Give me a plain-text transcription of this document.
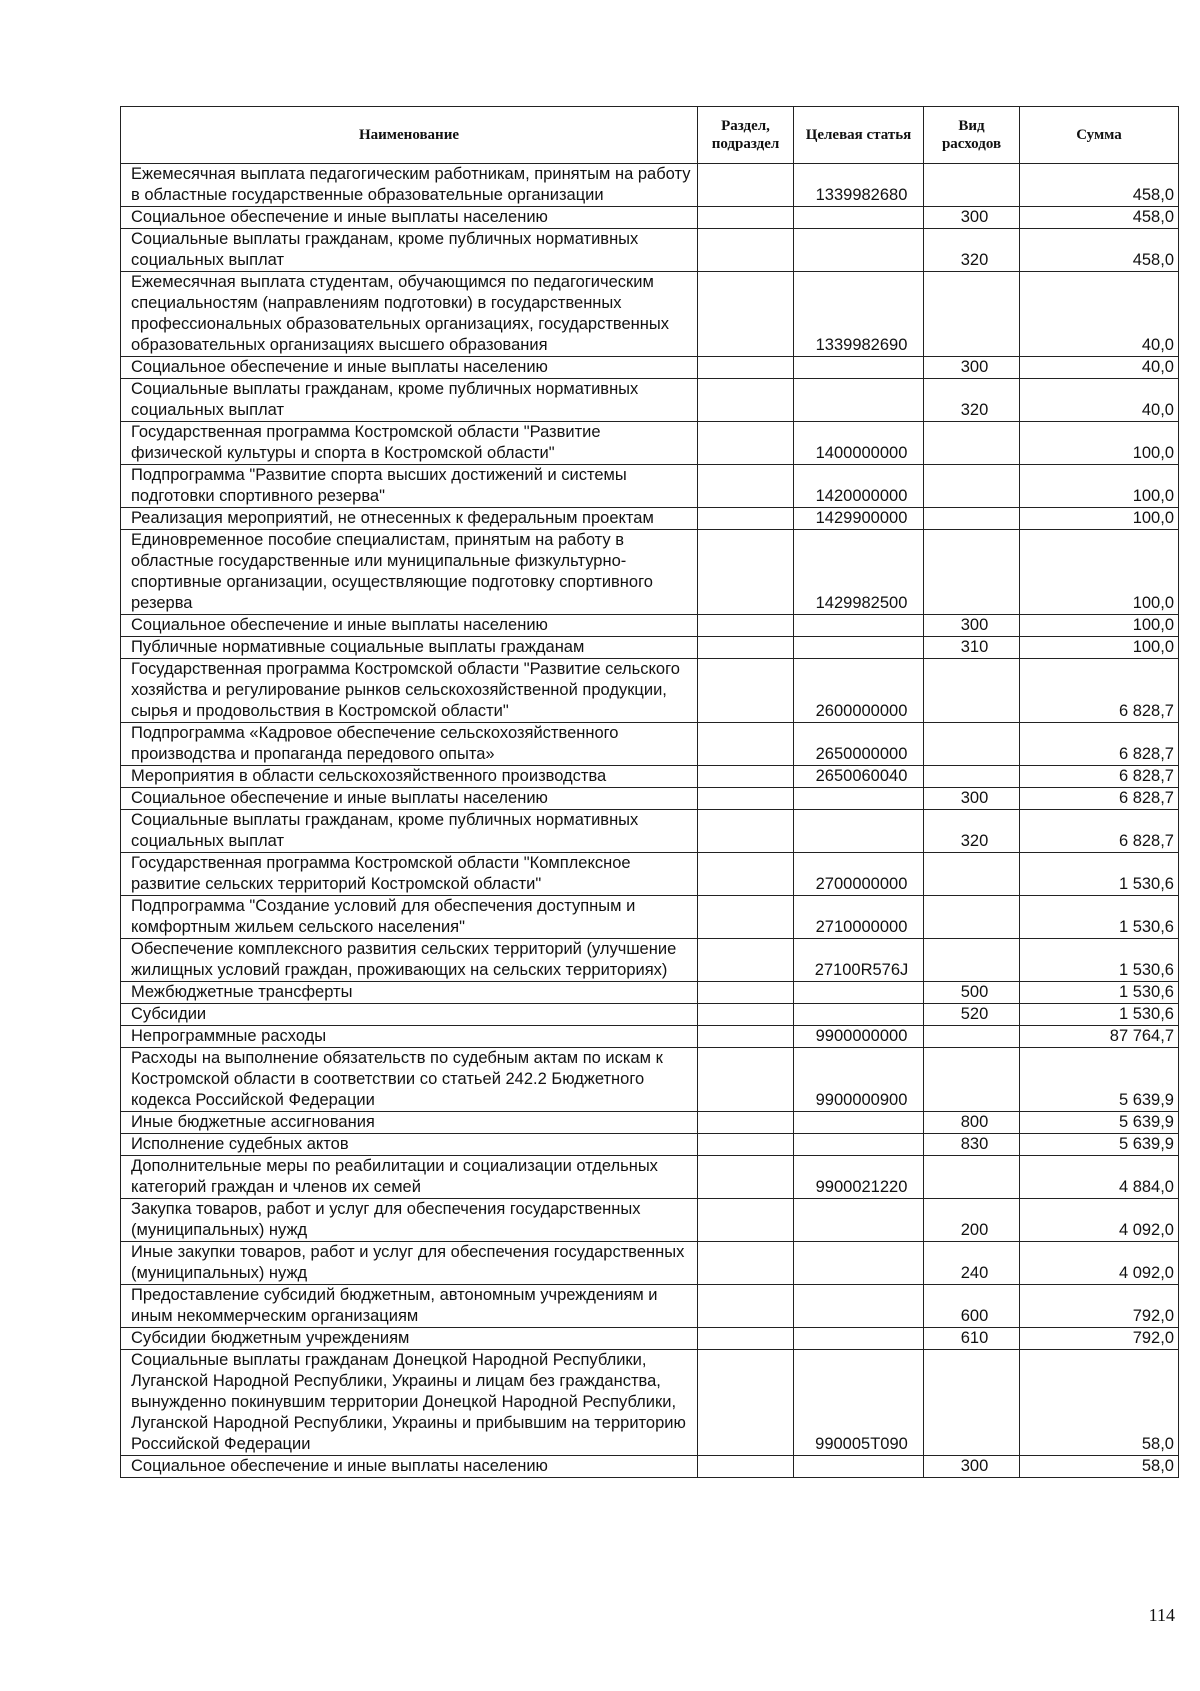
Наименование	Раздел, подраздел	Целевая статья	Вид расходов	Сумма
Ежемесячная выплата педагогическим работникам, принятым на работу в областные государственные образовательные организации		1339982680		458,0
Социальное обеспечение и иные выплаты населению			300	458,0
Социальные выплаты гражданам, кроме публичных нормативных социальных выплат			320	458,0
Ежемесячная выплата студентам, обучающимся по педагогическим специальностям (направлениям подготовки) в государственных профессиональных образовательных организациях, государственных образовательных организациях высшего образования		1339982690		40,0
Социальное обеспечение и иные выплаты населению			300	40,0
Социальные выплаты гражданам, кроме публичных нормативных социальных выплат			320	40,0
Государственная программа Костромской области "Развитие физической культуры и спорта в Костромской области"		1400000000		100,0
Подпрограмма "Развитие спорта высших достижений и системы подготовки спортивного резерва"		1420000000		100,0
Реализация мероприятий, не отнесенных к федеральным проектам		1429900000		100,0
Единовременное пособие специалистам, принятым на работу в областные государственные или муниципальные физкультурно-спортивные организации, осуществляющие подготовку спортивного резерва		1429982500		100,0
Социальное обеспечение и иные выплаты населению			300	100,0
Публичные нормативные социальные выплаты гражданам			310	100,0
Государственная программа Костромской области "Развитие сельского хозяйства и регулирование рынков сельскохозяйственной продукции, сырья и продовольствия в Костромской области"		2600000000		6 828,7
Подпрограмма «Кадровое обеспечение сельскохозяйственного производства и пропаганда передового опыта»		2650000000		6 828,7
Мероприятия в области сельскохозяйственного производства		2650060040		6 828,7
Социальное обеспечение и иные выплаты населению			300	6 828,7
Социальные выплаты гражданам, кроме публичных нормативных социальных выплат			320	6 828,7
Государственная программа Костромской области "Комплексное развитие сельских территорий Костромской области"		2700000000		1 530,6
Подпрограмма "Создание условий для обеспечения доступным и комфортным жильем сельского населения"		2710000000		1 530,6
Обеспечение комплексного развития сельских территорий (улучшение жилищных условий граждан, проживающих на сельских территориях)		27100R576J		1 530,6
Межбюджетные трансферты			500	1 530,6
Субсидии			520	1 530,6
Непрограммные расходы		9900000000		87 764,7
Расходы на выполнение обязательств по судебным актам по искам к Костромской области в соответствии со статьей 242.2 Бюджетного кодекса Российской Федерации		9900000900		5 639,9
Иные бюджетные ассигнования			800	5 639,9
Исполнение судебных актов			830	5 639,9
Дополнительные меры по реабилитации и социализации отдельных категорий граждан и членов их семей		9900021220		4 884,0
Закупка товаров, работ и услуг для обеспечения государственных (муниципальных) нужд			200	4 092,0
Иные закупки товаров, работ и услуг для обеспечения государственных (муниципальных) нужд			240	4 092,0
Предоставление субсидий бюджетным, автономным учреждениям и иным некоммерческим организациям			600	792,0
Субсидии бюджетным учреждениям			610	792,0
Социальные выплаты гражданам Донецкой Народной Республики, Луганской Народной Республики, Украины и лицам без гражданства, вынужденно покинувшим территории Донецкой Народной Республики, Луганской Народной Республики, Украины и прибывшим на территорию Российской Федерации		990005Т090		58,0
Социальное обеспечение и иные выплаты населению			300	58,0
114
